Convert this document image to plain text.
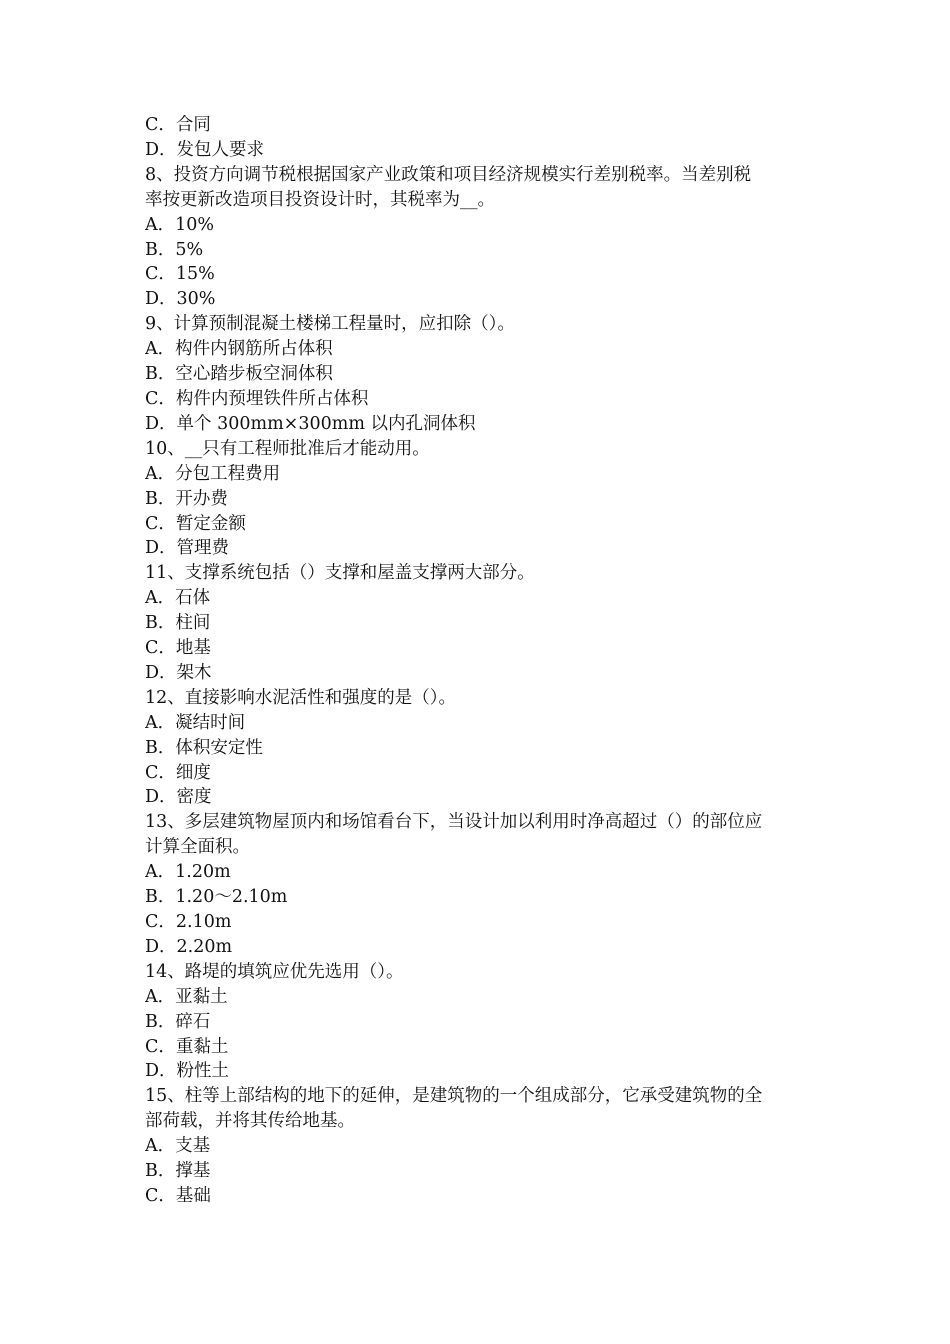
C．合同
D．发包人要求
8、投资方向调节税根据国家产业政策和项目经济规模实行差别税率。当差别税
率按更新改造项目投资设计时，其税率为__。
A．10%
B．5%
C．15%
D．30%
9、计算预制混凝土楼梯工程量时，应扣除（）。
A．构件内钢筋所占体积
B．空心踏步板空洞体积
C．构件内预埋铁件所占体积
D．单个 300mm×300mm 以内孔洞体积
10、__只有工程师批准后才能动用。
A．分包工程费用
B．开办费
C．暂定金额
D．管理费
11、支撑系统包括（）支撑和屋盖支撑两大部分。
A．石体
B．柱间
C．地基
D．架木
12、直接影响水泥活性和强度的是（）。
A．凝结时间
B．体积安定性
C．细度
D．密度
13、多层建筑物屋顶内和场馆看台下，当设计加以利用时净高超过（）的部位应
计算全面积。
A．1.20m
B．1.20～2.10m
C．2.10m
D．2.20m
14、路堤的填筑应优先选用（）。
A．亚黏土
B．碎石
C．重黏土
D．粉性土
15、柱等上部结构的地下的延伸，是建筑物的一个组成部分，它承受建筑物的全
部荷载，并将其传给地基。
A．支基
B．撑基
C．基础
